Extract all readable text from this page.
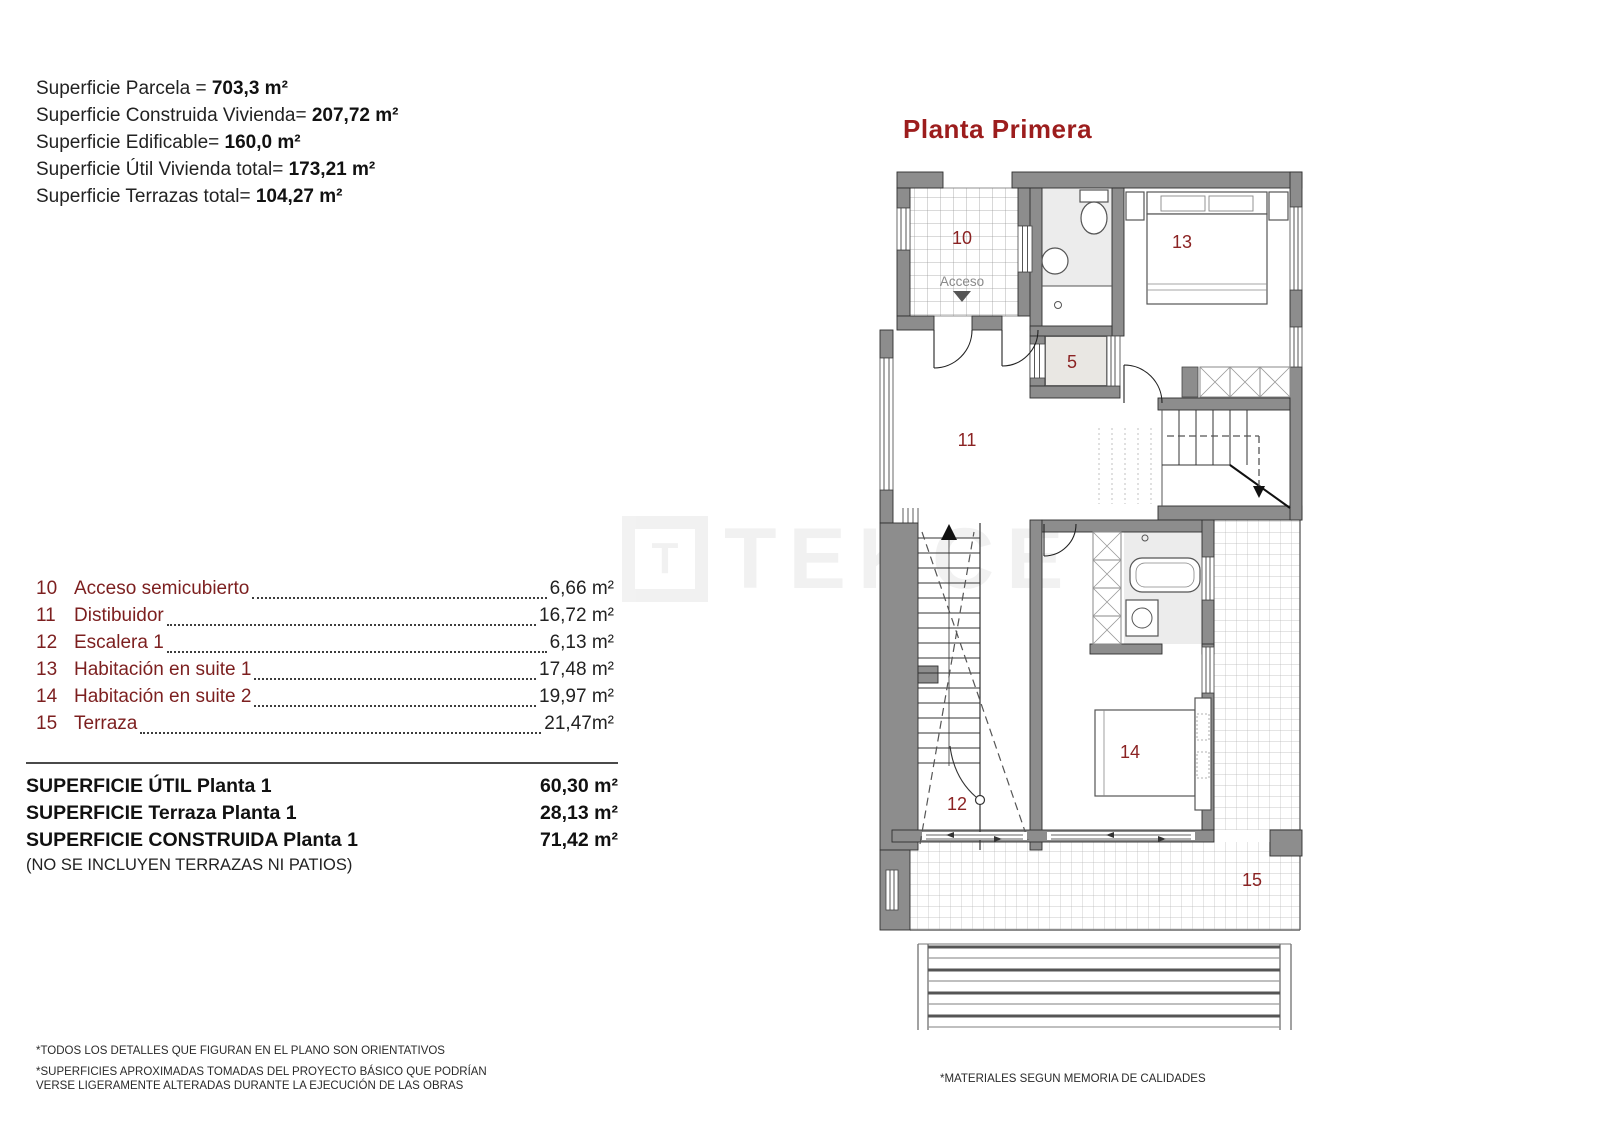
Superficie Parcela = 703,3 m²
Superficie Construida Vivienda= 207,72 m²
Superficie Edificable= 160,0 m²
Superficie Útil Vivienda total= 173,21 m²
Superficie Terrazas total= 104,27 m²
10 Acceso semicubierto	6,66 m²
11 Distibuidor	16,72 m²
12 Escalera 1	6,13 m²
13 Habitación en suite 1	17,48 m²
14 Habitación en suite 2	19,97 m²
15 Terraza	21,47m²
SUPERFICIE ÚTIL Planta 1	60,30 m²
SUPERFICIE Terraza Planta 1	28,13 m²
SUPERFICIE CONSTRUIDA Planta 1	71,42 m²
(NO SE INCLUYEN TERRAZAS NI PATIOS)
*TODOS LOS DETALLES QUE FIGURAN EN EL PLANO SON ORIENTATIVOS
*SUPERFICIES APROXIMADAS TOMADAS DEL PROYECTO BÁSICO QUE PODRÍAN VERSE LIGERAMENTE ALTERADAS DURANTE LA EJECUCIÓN DE LAS OBRAS
*MATERIALES SEGUN MEMORIA DE CALIDADES
Planta Primera
T
10
Acceso
5
11
13
14
12
15
